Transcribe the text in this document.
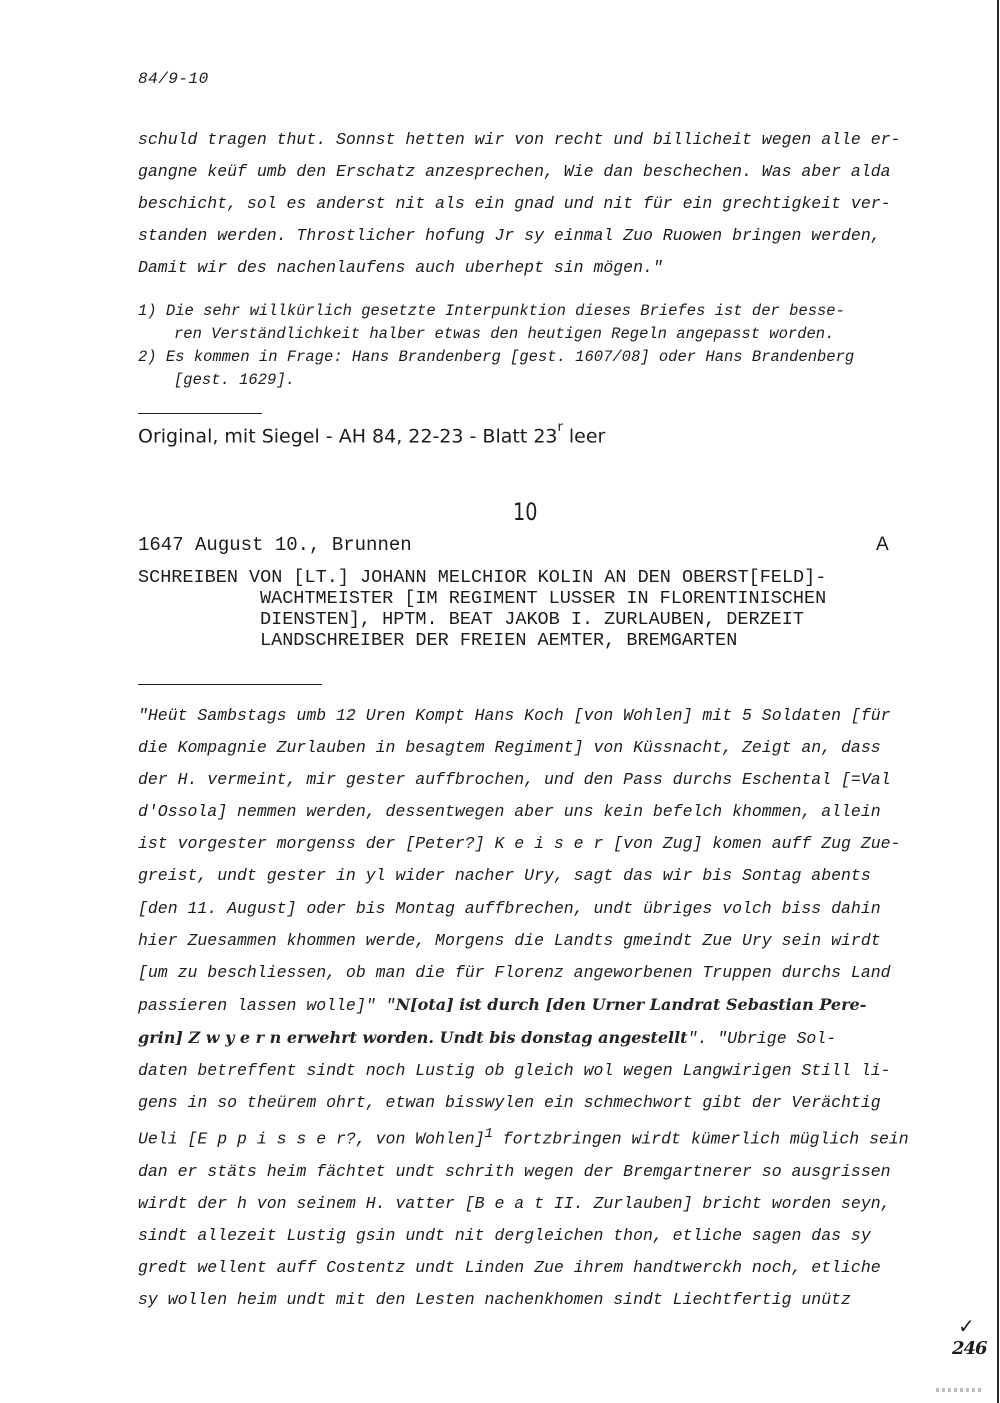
84/9-10
schuld tragen thut. Sonnst hetten wir von recht und billicheit wegen alle er-
gangne keüf umb den Erschatz anzesprechen, Wie dan beschechen. Was aber alda
beschicht, sol es anderst nit als ein gnad und nit für ein grechtigkeit ver-
standen werden. Throstlicher hofung Jr sy einmal Zuo Ruowen bringen werden,
Damit wir des nachenlaufens auch uberhept sin mögen."
1) Die sehr willkürlich gesetzte Interpunktion dieses Briefes ist der besse-
ren Verständlichkeit halber etwas den heutigen Regeln angepasst worden.
2) Es kommen in Frage: Hans Brandenberg [gest. 1607/08] oder Hans Brandenberg
[gest. 1629].
Original, mit Siegel - AH 84, 22-23 - Blatt 23$^r$ leer
10
1647 August 10., Brunnen	A
SCHREIBEN VON [LT.] JOHANN MELCHIOR KOLIN AN DEN OBERST[FELD]-
WACHTMEISTER [IM REGIMENT LUSSER IN FLORENTINISCHEN
DIENSTEN], HPTM. BEAT JAKOB I. ZURLAUBEN, DERZEIT
LANDSCHREIBER DER FREIEN AEMTER, BREMGARTEN
"Heüt Sambstags umb 12 Uren Kompt Hans Koch [von Wohlen] mit 5 Soldaten [für
die Kompagnie Zurlauben in besagtem Regiment] von Küssnacht, Zeigt an, dass
der H. vermeint, mir gester auffbrochen, und den Pass durchs Eschental [=Val
d'Ossola] nemmen werden, dessentwegen aber uns kein befelch khommen, allein
ist vorgester morgenss der [Peter?] K e i s e r [von Zug] komen auff Zug Zue-
greist, undt gester in yl wider nacher Ury, sagt das wir bis Sontag abents
[den 11. August] oder bis Montag auffbrechen, undt übriges volch biss dahin
hier Zuesammen khommen werde, Morgens die Landts gmeindt Zue Ury sein wirdt
[um zu beschliessen, ob man die für Florenz angeworbenen Truppen durchs Land
passieren lassen wolle]" "N[ota] ist durch [den Urner Landrat Sebastian Pere-
grin] Z w y e r n erwehrt worden. Undt bis donstag angestellt". "Ubrige Sol-
daten betreffent sindt noch Lustig ob gleich wol wegen Langwirigen Still li-
gens in so theürem ohrt, etwan bisswylen ein schmechwort gibt der Verächtig
Ueli [E p p i s s e r?, von Wohlen]$^1$ fortzbringen wirdt kümerlich müglich sein
dan er stäts heim fächtet undt schrith wegen der Bremgartnerer so ausgrissen
wirdt der h von seinem H. vatter [B e a t II. Zurlauben] bricht worden seyn,
sindt allezeit Lustig gsin undt nit dergleichen thon, etliche sagen das sy
gredt wellent auff Costentz undt Linden Zue ihrem handtwerckh noch, etliche
sy wollen heim undt mit den Lesten nachenkhomen sindt Liechtfertig unütz
✓
246
